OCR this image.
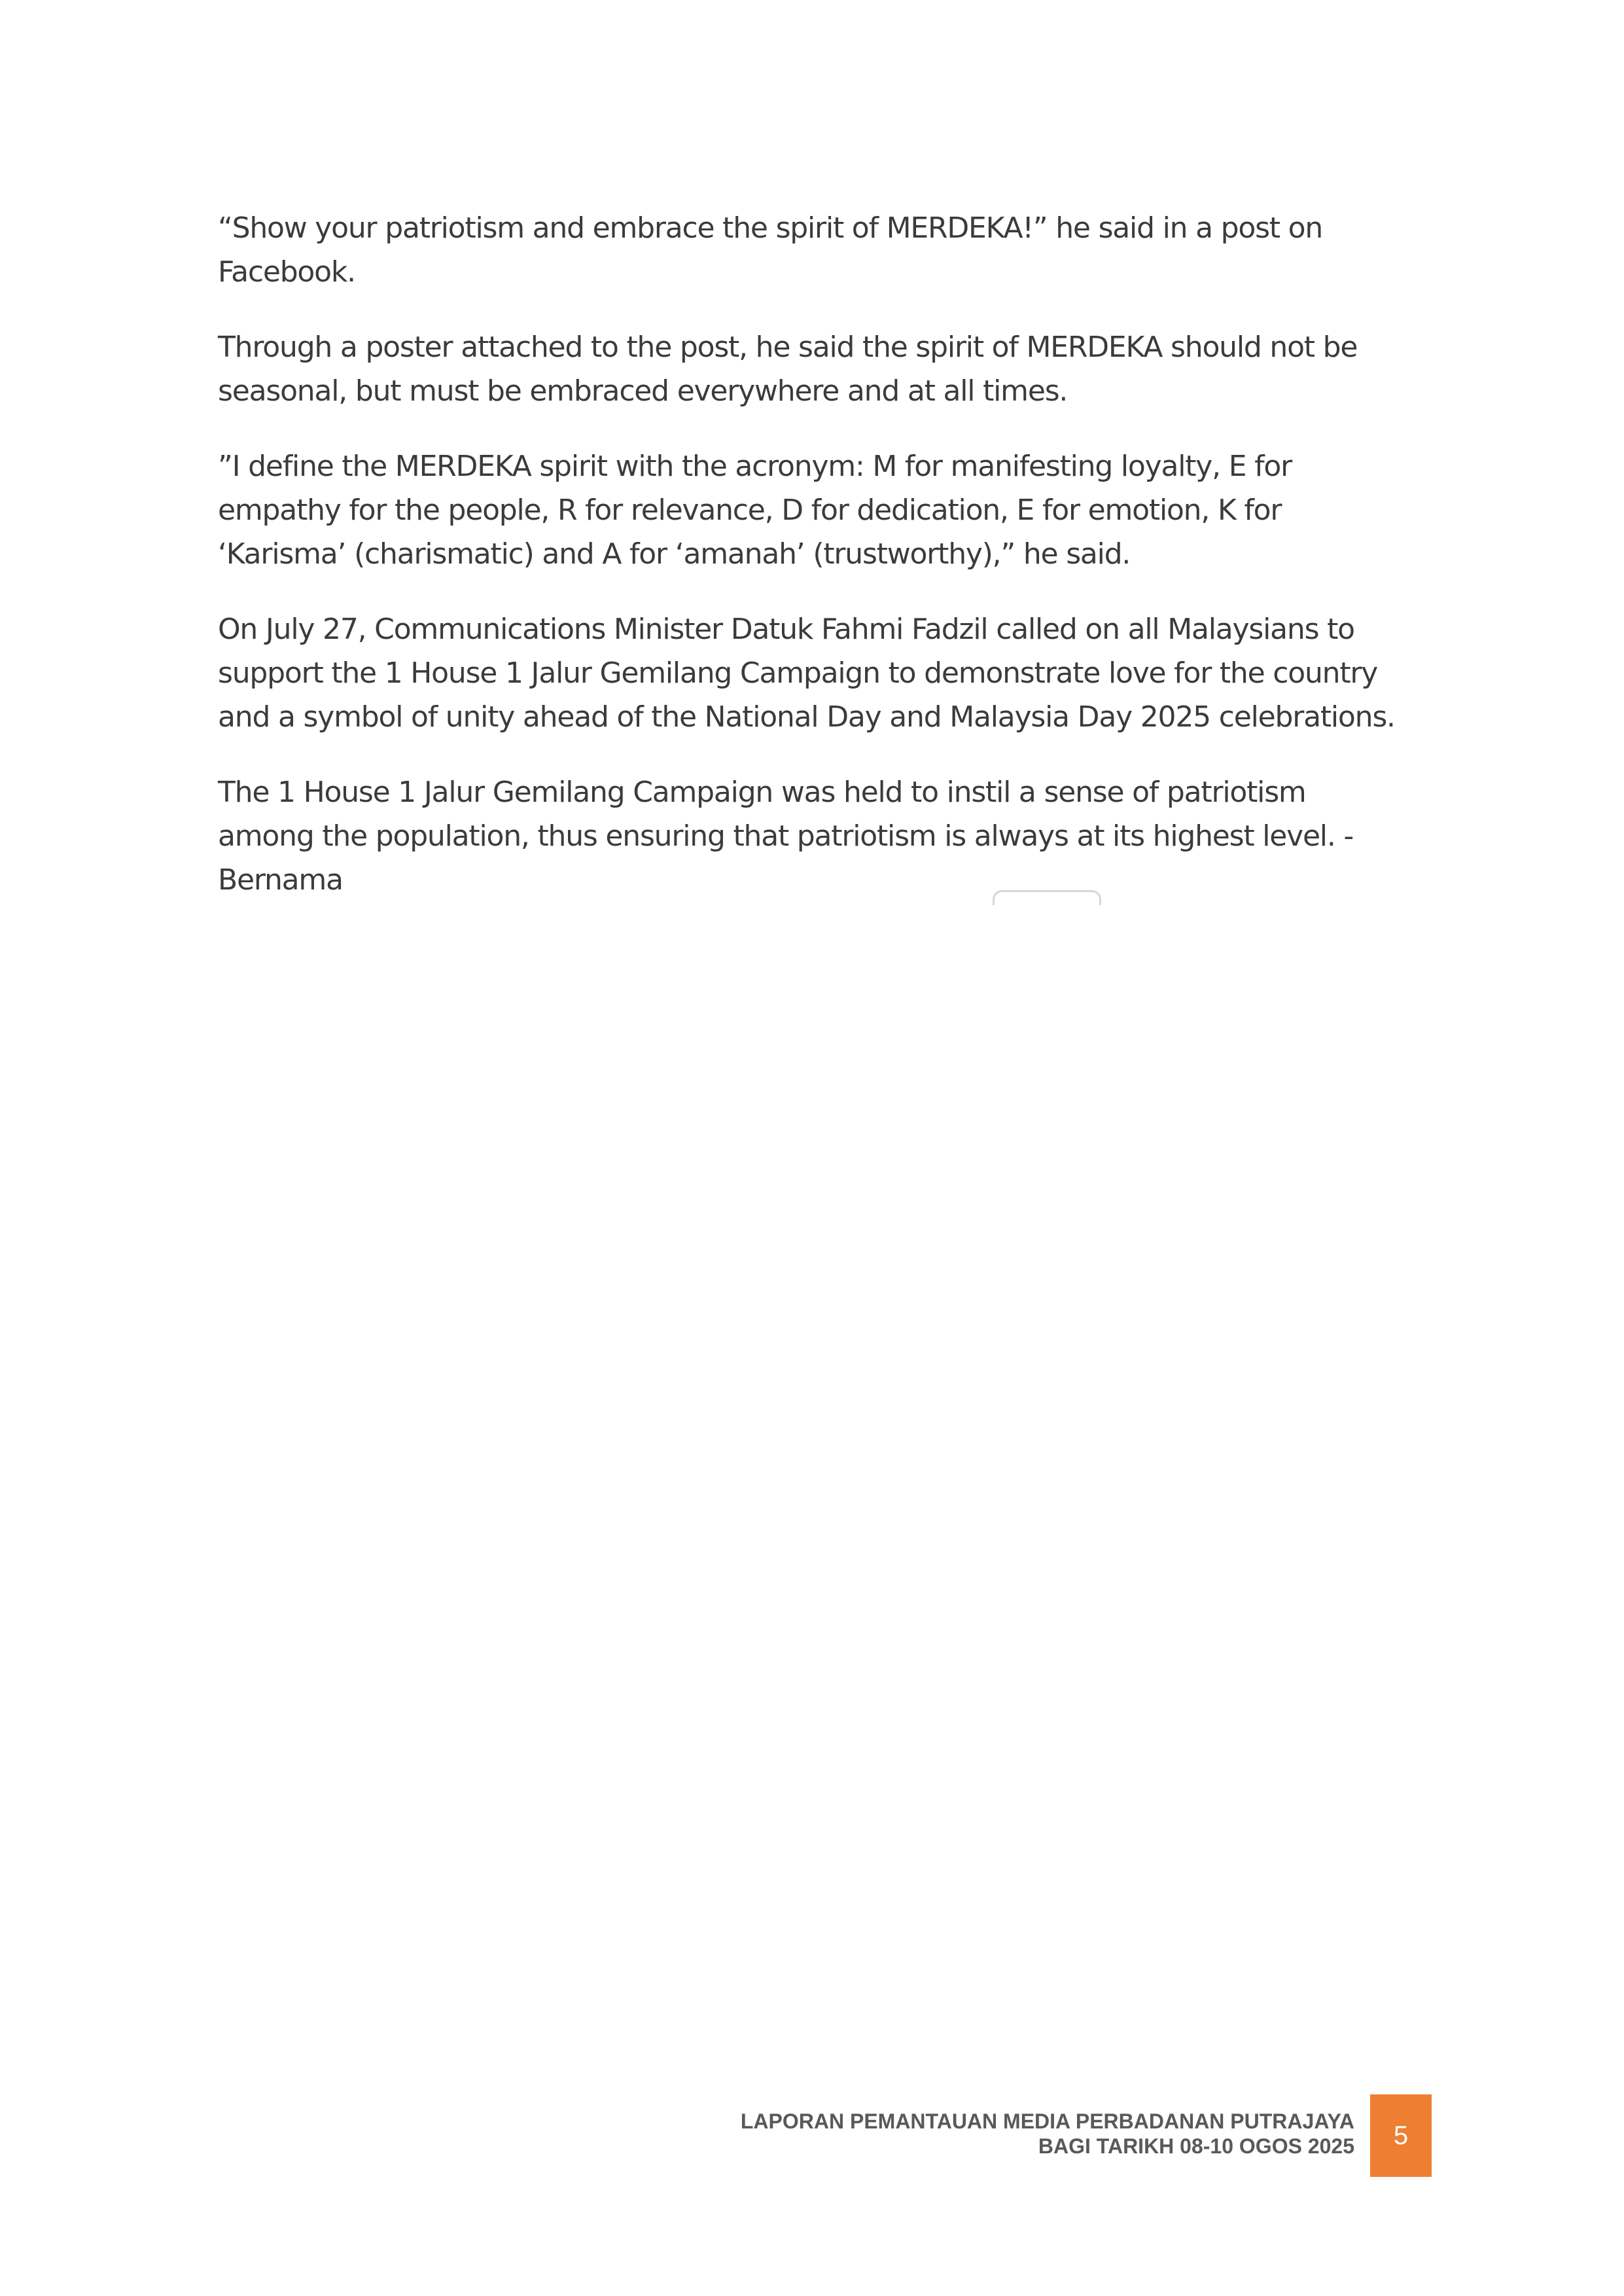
“Show your patriotism and embrace the spirit of MERDEKA!” he said in a post on
Facebook.

Through a poster attached to the post, he said the spirit of MERDEKA should not be
seasonal, but must be embraced everywhere and at all times.

”I define the MERDEKA spirit with the acronym: M for manifesting loyalty, E for
empathy for the people, R for relevance, D for dedication, E for emotion, K for
‘Karisma’ (charismatic) and A for ‘amanah’ (trustworthy),” he said.

On July 27, Communications Minister Datuk Fahmi Fadzil called on all Malaysians to
support the 1 House 1 Jalur Gemilang Campaign to demonstrate love for the country
and a symbol of unity ahead of the National Day and Malaysia Day 2025 celebrations.

The 1 House 1 Jalur Gemilang Campaign was held to instil a sense of patriotism
among the population, thus ensuring that patriotism is always at its highest level. -
Bernama

LAPORAN PEMANTAUAN MEDIA PERBADANAN PUTRAJAYA
BAGI TARIKH 08-10 OGOS 2025 5
